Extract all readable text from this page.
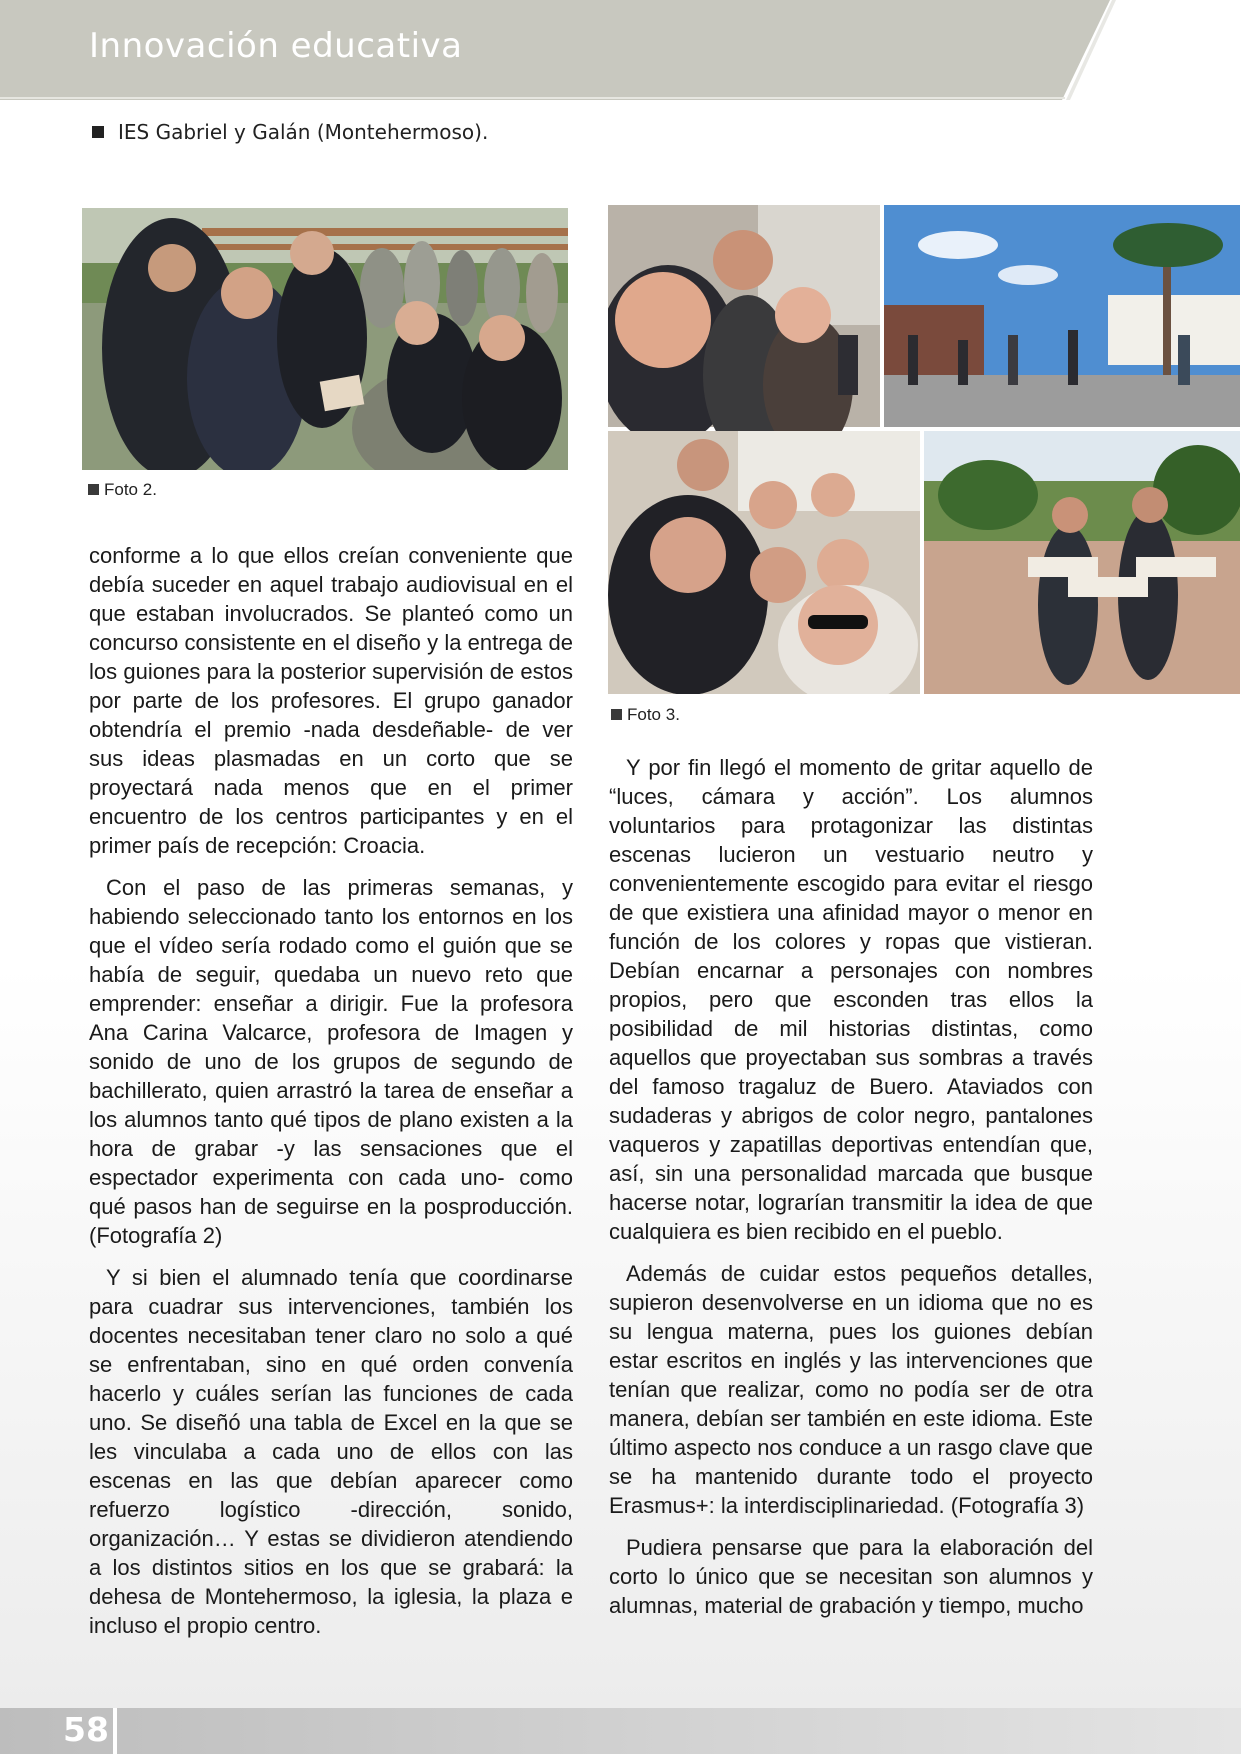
Innovación educativa
IES Gabriel y Galán (Montehermoso).
Foto 2.
Foto 3.

conforme a lo que ellos creían conveniente que debía suceder en aquel trabajo audiovisual en el que estaban involucrados. Se planteó como un concurso consistente en el diseño y la entrega de los guiones para la posterior supervisión de estos por parte de los profesores. El grupo ganador obtendría el premio -nada desdeñable- de ver sus ideas plasmadas en un corto que se proyectará nada menos que en el primer encuentro de los centros participantes y en el primer país de recepción: Croacia.

Con el paso de las primeras semanas, y habiendo seleccionado tanto los entornos en los que el vídeo sería rodado como el guión que se había de seguir, quedaba un nuevo reto que emprender: enseñar a dirigir. Fue la profesora Ana Carina Valcarce, profesora de Imagen y sonido de uno de los grupos de segundo de bachillerato, quien arrastró la tarea de enseñar a los alumnos tanto qué tipos de plano existen a la hora de grabar -y las sensaciones que el espectador experimenta con cada uno- como qué pasos han de seguirse en la posproducción. (Fotografía 2)

Y si bien el alumnado tenía que coordinarse para cuadrar sus intervenciones, también los docentes necesitaban tener claro no solo a qué se enfrentaban, sino en qué orden convenía hacerlo y cuáles serían las funciones de cada uno. Se diseñó una tabla de Excel en la que se les vinculaba a cada uno de ellos con las escenas en las que debían aparecer como refuerzo logístico -dirección, sonido, organización… Y estas se dividieron atendiendo a los distintos sitios en los que se grabará: la dehesa de Montehermoso, la iglesia, la plaza e incluso el propio centro.

Y por fin llegó el momento de gritar aquello de “luces, cámara y acción”. Los alumnos voluntarios para protagonizar las distintas escenas lucieron un vestuario neutro y convenientemente escogido para evitar el riesgo de que existiera una afinidad mayor o menor en función de los colores y ropas que vistieran. Debían encarnar a personajes con nombres propios, pero que esconden tras ellos la posibilidad de mil historias distintas, como aquellos que proyectaban sus sombras a través del famoso tragaluz de Buero. Ataviados con sudaderas y abrigos de color negro, pantalones vaqueros y zapatillas deportivas entendían que, así, sin una personalidad marcada que busque hacerse notar, lograrían transmitir la idea de que cualquiera es bien recibido en el pueblo.

Además de cuidar estos pequeños detalles, supieron desenvolverse en un idioma que no es su lengua materna, pues los guiones debían estar escritos en inglés y las intervenciones que tenían que realizar, como no podía ser de otra manera, debían ser también en este idioma. Este último aspecto nos conduce a un rasgo clave que se ha mantenido durante todo el proyecto Erasmus+: la interdisciplinariedad. (Fotografía 3)

Pudiera pensarse que para la elaboración del corto lo único que se necesitan son alumnos y alumnas, material de grabación y tiempo, mucho

58
